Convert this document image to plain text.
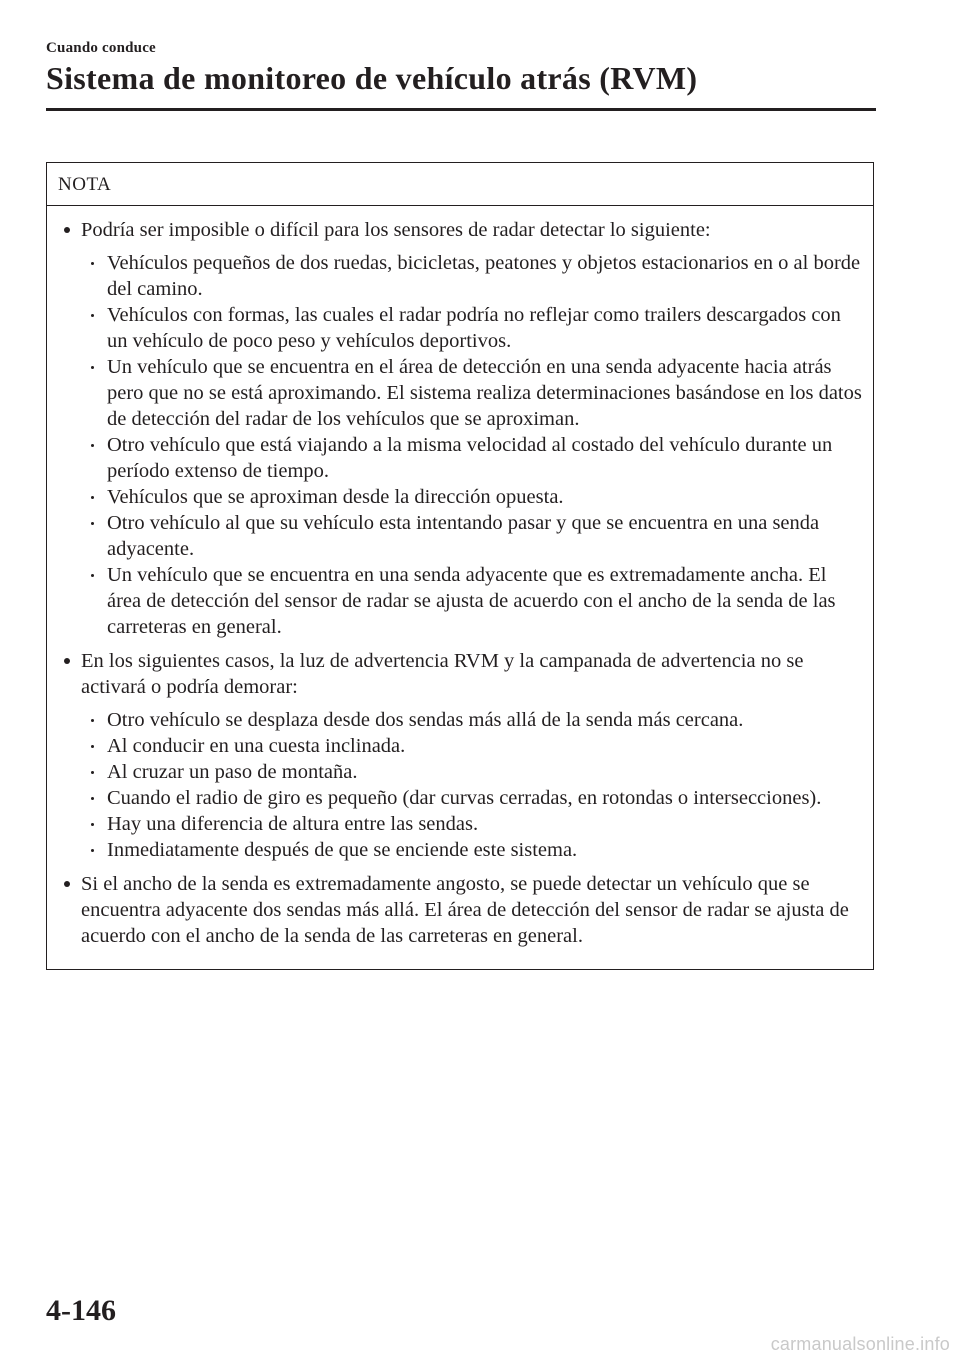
Cuando conduce
Sistema de monitoreo de vehículo atrás (RVM)
NOTA
Podría ser imposible o difícil para los sensores de radar detectar lo siguiente:
Vehículos pequeños de dos ruedas, bicicletas, peatones y objetos estacionarios en o al borde del camino.
Vehículos con formas, las cuales el radar podría no reflejar como trailers descargados con un vehículo de poco peso y vehículos deportivos.
Un vehículo que se encuentra en el área de detección en una senda adyacente hacia atrás pero que no se está aproximando. El sistema realiza determinaciones basándose en los datos de detección del radar de los vehículos que se aproximan.
Otro vehículo que está viajando a la misma velocidad al costado del vehículo durante un período extenso de tiempo.
Vehículos que se aproximan desde la dirección opuesta.
Otro vehículo al que su vehículo esta intentando pasar y que se encuentra en una senda adyacente.
Un vehículo que se encuentra en una senda adyacente que es extremadamente ancha. El área de detección del sensor de radar se ajusta de acuerdo con el ancho de la senda de las carreteras en general.
En los siguientes casos, la luz de advertencia RVM y la campanada de advertencia no se activará o podría demorar:
Otro vehículo se desplaza desde dos sendas más allá de la senda más cercana.
Al conducir en una cuesta inclinada.
Al cruzar un paso de montaña.
Cuando el radio de giro es pequeño (dar curvas cerradas, en rotondas o intersecciones).
Hay una diferencia de altura entre las sendas.
Inmediatamente después de que se enciende este sistema.
Si el ancho de la senda es extremadamente angosto, se puede detectar un vehículo que se encuentra adyacente dos sendas más allá. El área de detección del sensor de radar se ajusta de acuerdo con el ancho de la senda de las carreteras en general.
4-146
carmanualsonline.info
